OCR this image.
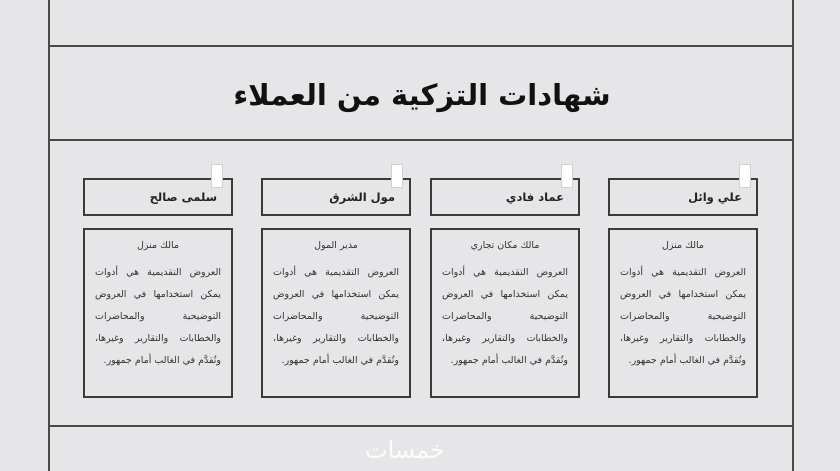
شهادات التزكية من العملاء
علي وائل

مالك منزل

العروض التقديمية هي أدوات يمكن استخدامها في العروض التوضيحية والمحاضرات والخطابات والتقارير وغيرها، وتُقدَّم في الغالب أمام جمهور.

عماد فادي

مالك مكان تجاري

العروض التقديمية هي أدوات يمكن استخدامها في العروض التوضيحية والمحاضرات والخطابات والتقارير وغيرها، وتُقدَّم في الغالب أمام جمهور.

مول الشرق

مدير المول

العروض التقديمية هي أدوات يمكن استخدامها في العروض التوضيحية والمحاضرات والخطابات والتقارير وغيرها، وتُقدَّم في الغالب أمام جمهور.

سلمى صالح

مالك منزل

العروض التقديمية هي أدوات يمكن استخدامها في العروض التوضيحية والمحاضرات والخطابات والتقارير وغيرها، وتُقدَّم في الغالب أمام جمهور.

خمسات
